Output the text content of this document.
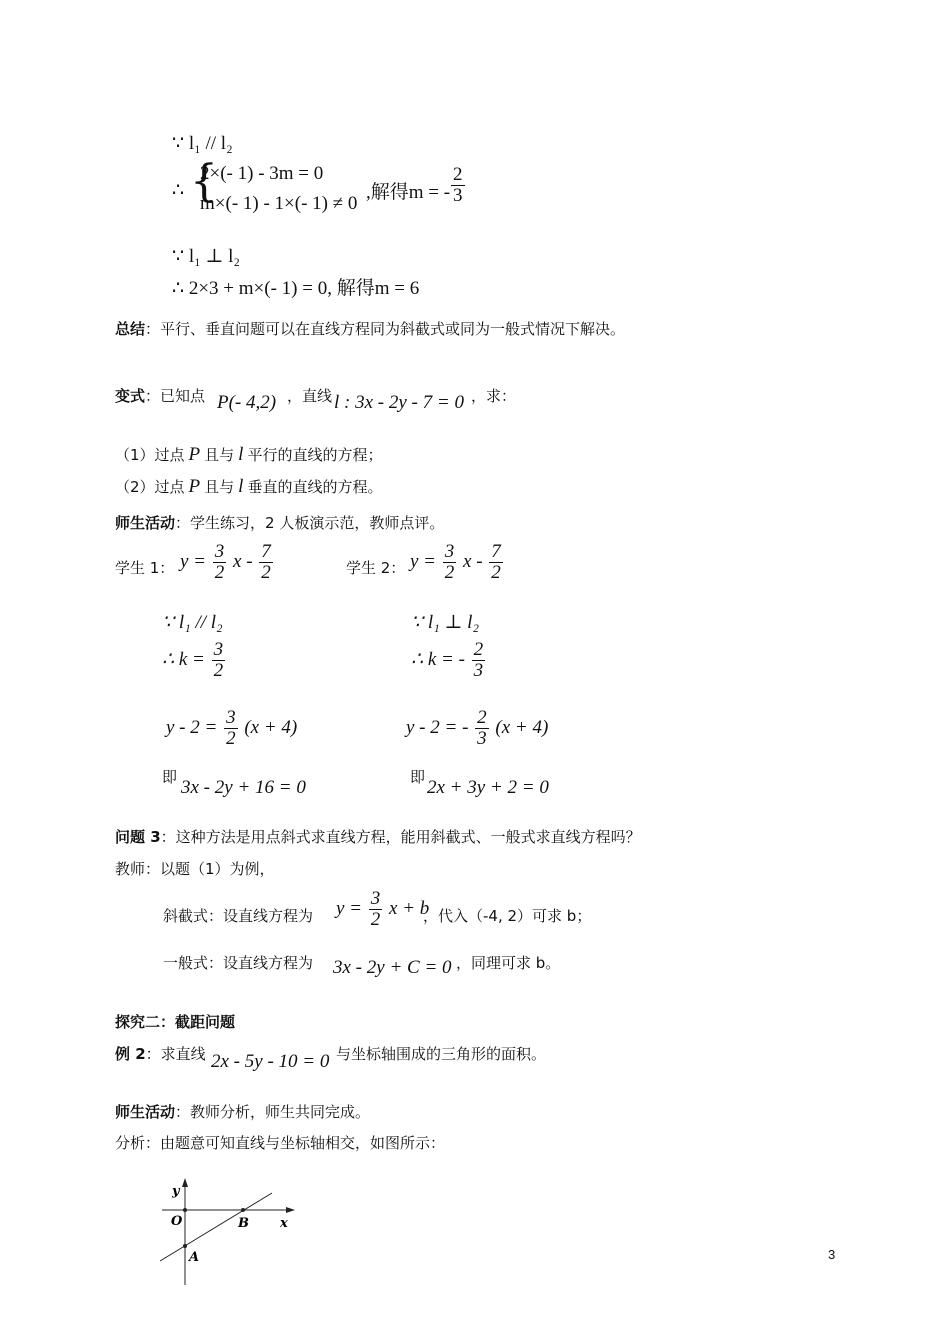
∵ l₁ // l₂
∴ {
2×(- 1) - 3m = 0
m×(- 1) - 1×(- 1) ≠ 0
,解得m = - $\frac{2}{3}$
∵ l₁ ⊥ l₂
∴ 2×3 + m×(- 1) = 0, 解得m = 6
总结：平行、垂直问题可以在直线方程同为斜截式或同为一般式情况下解决。
变式：已知点 P(- 4,2) ，直线 l : 3x - 2y - 7 = 0 ，求：
（1）过点 P 且与 l 平行的直线的方程；
（2）过点 P 且与 l 垂直的直线的方程。
师生活动：学生练习，2 人板演示范，教师点评。
学生 1： $y = \frac{3}{2}$ x - $\frac{7}{2}$
∵ l₁ // l₂
∴ $k = \frac{3}{2}$
$y - 2 = \frac{3}{2} (x + 4)$
即 3x - 2y + 16 = 0
学生 2： $y = \frac{3}{2}$ x - $\frac{7}{2}$
∵ l₁ ⊥ l₂
∴ k = - $\frac{2}{3}$
y - 2 = - $\frac{2}{3} (x + 4)$
即 2x + 3y + 2 = 0
问题 3：这种方法是用点斜式求直线方程，能用斜截式、一般式求直线方程吗？
教师：以题（1）为例，
斜截式：设直线方程为 $y = \frac{3}{2}$ x + b
，代入（-4, 2）可求 b；
一般式：设直线方程为 3x - 2y + C = 0 ，同理可求 b。
探究二：截距问题
例 2：求直线 2x - 5y - 10 = 0 与坐标轴围成的三角形的面积。
师生活动：教师分析，师生共同完成。
分析：由题意可知直线与坐标轴相交，如图所示：
y
x
O	B
A	3
